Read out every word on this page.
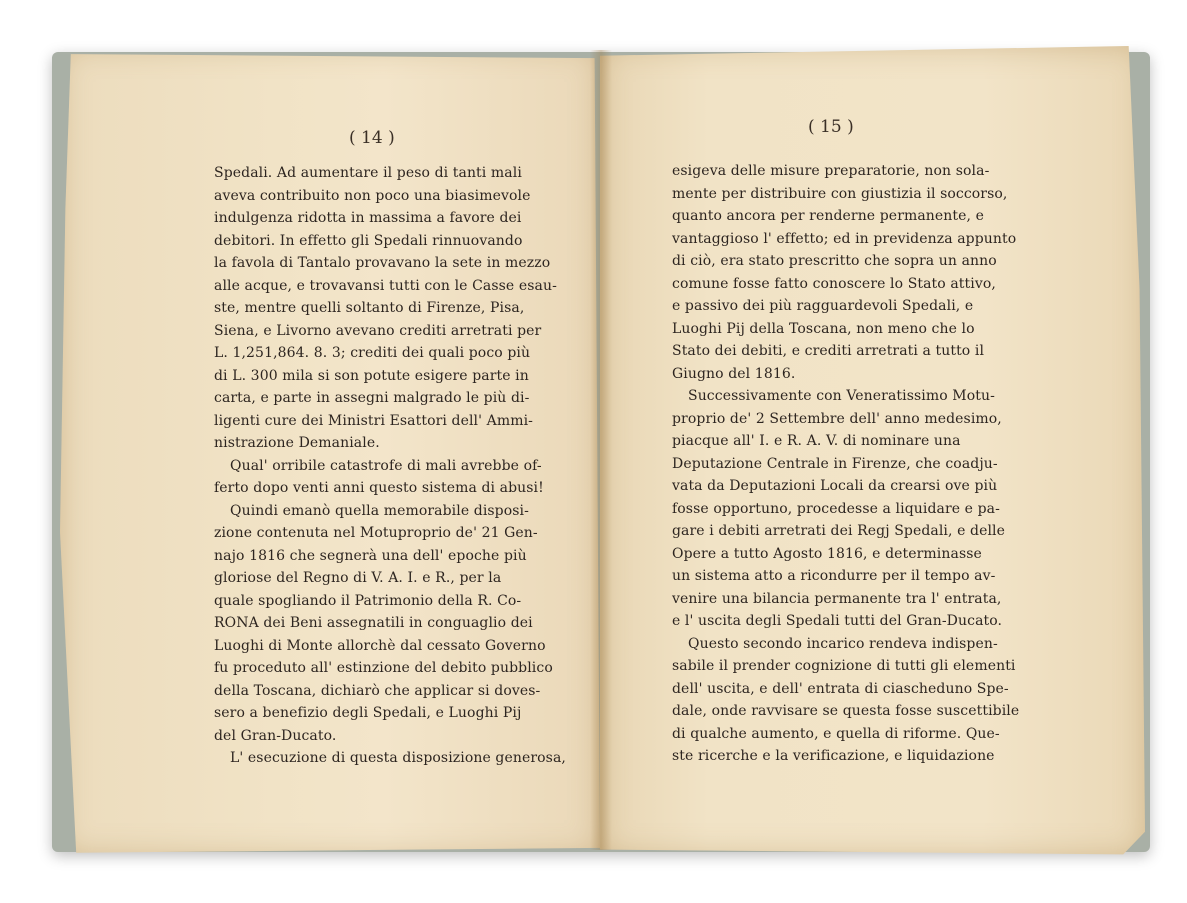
( 14 )
( 15 )
Spedali. Ad aumentare il peso di tanti mali
aveva contribuito non poco una biasimevole
indulgenza ridotta in massima a favore dei
debitori. In effetto gli Spedali rinnuovando
la favola di Tantalo provavano la sete in mezzo
alle acque, e trovavansi tutti con le Casse esau-
ste, mentre quelli soltanto di Firenze, Pisa,
Siena, e Livorno avevano crediti arretrati per
L. 1,251,864. 8. 3; crediti dei quali poco più
di L. 300 mila si son potute esigere parte in
carta, e parte in assegni malgrado le più di-
ligenti cure dei Ministri Esattori dell' Ammi-
nistrazione Demaniale.
Qual' orribile catastrofe di mali avrebbe of-
ferto dopo venti anni questo sistema di abusi!
Quindi emanò quella memorabile disposi-
zione contenuta nel Motuproprio de' 21 Gen-
najo 1816 che segnerà una dell' epoche più
gloriose del Regno di V. A. I. e R., per la
quale spogliando il Patrimonio della R. Co-
RONA dei Beni assegnatili in conguaglio dei
Luoghi di Monte allorchè dal cessato Governo
fu proceduto all' estinzione del debito pubblico
della Toscana, dichiarò che applicar si doves-
sero a benefizio degli Spedali, e Luoghi Pij
del Gran-Ducato.
L' esecuzione di questa disposizione generosa,
esigeva delle misure preparatorie, non sola-
mente per distribuire con giustizia il soccorso,
quanto ancora per renderne permanente, e
vantaggioso l' effetto; ed in previdenza appunto
di ciò, era stato prescritto che sopra un anno
comune fosse fatto conoscere lo Stato attivo,
e passivo dei più ragguardevoli Spedali, e
Luoghi Pij della Toscana, non meno che lo
Stato dei debiti, e crediti arretrati a tutto il
Giugno del 1816.
Successivamente con Veneratissimo Motu-
proprio de' 2 Settembre dell' anno medesimo,
piacque all' I. e R. A. V. di nominare una
Deputazione Centrale in Firenze, che coadju-
vata da Deputazioni Locali da crearsi ove più
fosse opportuno, procedesse a liquidare e pa-
gare i debiti arretrati dei Regj Spedali, e delle
Opere a tutto Agosto 1816, e determinasse
un sistema atto a ricondurre per il tempo av-
venire una bilancia permanente tra l' entrata,
e l' uscita degli Spedali tutti del Gran-Ducato.
Questo secondo incarico rendeva indispen-
sabile il prender cognizione di tutti gli elementi
dell' uscita, e dell' entrata di ciascheduno Spe-
dale, onde ravvisare se questa fosse suscettibile
di qualche aumento, e quella di riforme. Que-
ste ricerche e la verificazione, e liquidazione
